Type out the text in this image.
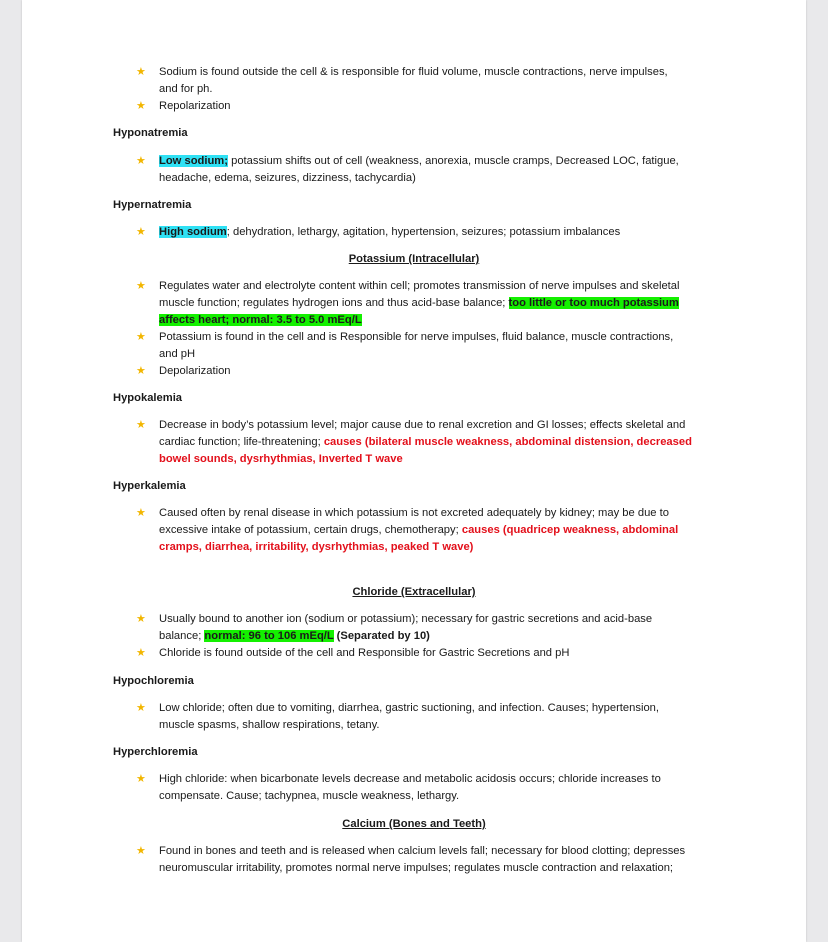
★ Sodium is found outside the cell & is responsible for fluid volume, muscle contractions, nerve impulses,
and for ph.
★ Repolarization
Hyponatremia
★ Low sodium; potassium shifts out of cell (weakness, anorexia, muscle cramps, Decreased LOC, fatigue,
headache, edema, seizures, dizziness, tachycardia)
Hypernatremia
★ High sodium; dehydration, lethargy, agitation, hypertension, seizures; potassium imbalances
Potassium (Intracellular)
★ Regulates water and electrolyte content within cell; promotes transmission of nerve impulses and skeletal
muscle function; regulates hydrogen ions and thus acid-base balance; too little or too much potassium
affects heart; normal: 3.5 to 5.0 mEq/L
★ Potassium is found in the cell and is Responsible for nerve impulses, fluid balance, muscle contractions,
and pH
★ Depolarization
Hypokalemia
★ Decrease in body’s potassium level; major cause due to renal excretion and GI losses; effects skeletal and
cardiac function; life-threatening; causes (bilateral muscle weakness, abdominal distension, decreased
bowel sounds, dysrhythmias, Inverted T wave
Hyperkalemia
★ Caused often by renal disease in which potassium is not excreted adequately by kidney; may be due to
excessive intake of potassium, certain drugs, chemotherapy; causes (quadricep weakness, abdominal
cramps, diarrhea, irritability, dysrhythmias, peaked T wave)
Chloride (Extracellular)
★ Usually bound to another ion (sodium or potassium); necessary for gastric secretions and acid-base
balance; normal: 96 to 106 mEq/L (Separated by 10)
★ Chloride is found outside of the cell and Responsible for Gastric Secretions and pH
Hypochloremia
★ Low chloride; often due to vomiting, diarrhea, gastric suctioning, and infection. Causes; hypertension,
muscle spasms, shallow respirations, tetany.
Hyperchloremia
★ High chloride: when bicarbonate levels decrease and metabolic acidosis occurs; chloride increases to
compensate. Cause; tachypnea, muscle weakness, lethargy.
Calcium (Bones and Teeth)
★ Found in bones and teeth and is released when calcium levels fall; necessary for blood clotting; depresses
neuromuscular irritability, promotes normal nerve impulses; regulates muscle contraction and relaxation;
